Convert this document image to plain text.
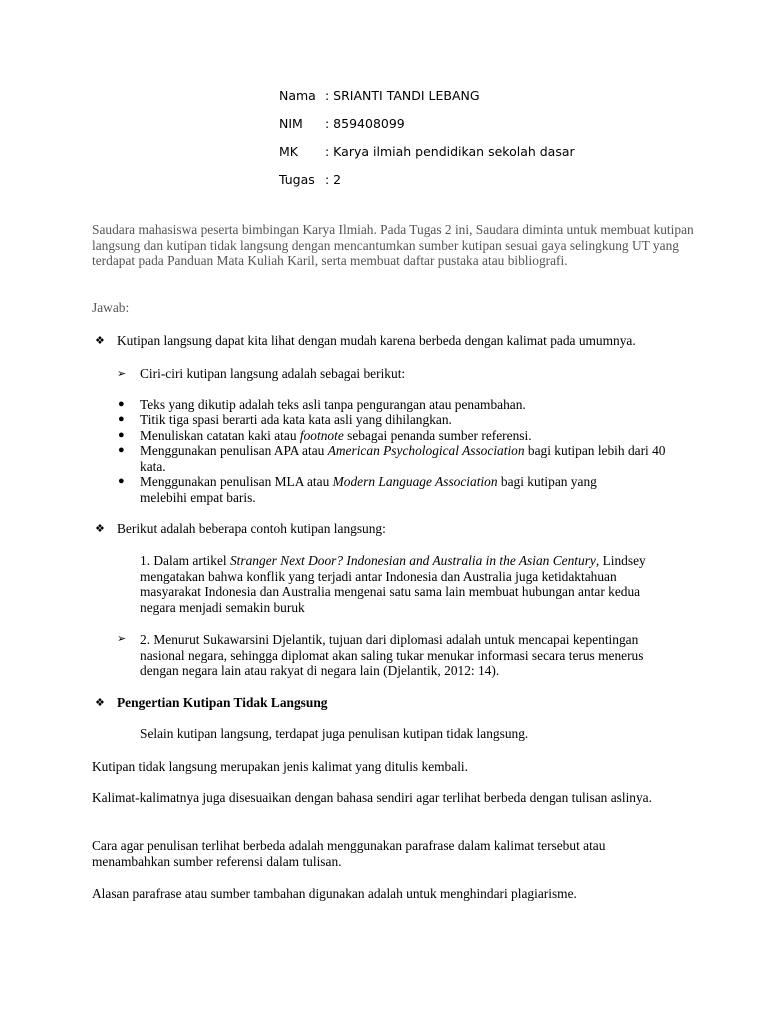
Nama : SRIANTI TANDI LEBANG
NIM : 859408099
MK : Karya ilmiah pendidikan sekolah dasar
Tugas : 2

Saudara mahasiswa peserta bimbingan Karya Ilmiah. Pada Tugas 2 ini, Saudara diminta untuk membuat kutipan langsung dan kutipan tidak langsung dengan mencantumkan sumber kutipan sesuai gaya selingkung UT yang terdapat pada Panduan Mata Kuliah Karil, serta membuat daftar pustaka atau bibliografi.

Jawab:

❖ Kutipan langsung dapat kita lihat dengan mudah karena berbeda dengan kalimat pada umumnya.

➢ Ciri-ciri kutipan langsung adalah sebagai berikut:

● Teks yang dikutip adalah teks asli tanpa pengurangan atau penambahan.

● Titik tiga spasi berarti ada kata kata asli yang dihilangkan.

● Menuliskan catatan kaki atau footnote sebagai penanda sumber referensi.

● Menggunakan penulisan APA atau American Psychological Association bagi kutipan lebih dari 40 kata.

● Menggunakan penulisan MLA atau Modern Language Association bagi kutipan yang melebihi empat baris.

❖ Berikut adalah beberapa contoh kutipan langsung:

1. Dalam artikel Stranger Next Door? Indonesian and Australia in the Asian Century, Lindsey mengatakan bahwa konflik yang terjadi antar Indonesia dan Australia juga ketidaktahuan masyarakat Indonesia dan Australia mengenai satu sama lain membuat hubungan antar kedua negara menjadi semakin buruk

➢ 2. Menurut Sukawarsini Djelantik, tujuan dari diplomasi adalah untuk mencapai kepentingan nasional negara, sehingga diplomat akan saling tukar menukar informasi secara terus menerus dengan negara lain atau rakyat di negara lain (Djelantik, 2012: 14).

❖ Pengertian Kutipan Tidak Langsung

Selain kutipan langsung, terdapat juga penulisan kutipan tidak langsung.

Kutipan tidak langsung merupakan jenis kalimat yang ditulis kembali.

Kalimat-kalimatnya juga disesuaikan dengan bahasa sendiri agar terlihat berbeda dengan tulisan aslinya.

Cara agar penulisan terlihat berbeda adalah menggunakan parafrase dalam kalimat tersebut atau menambahkan sumber referensi dalam tulisan.

Alasan parafrase atau sumber tambahan digunakan adalah untuk menghindari plagiarisme.
